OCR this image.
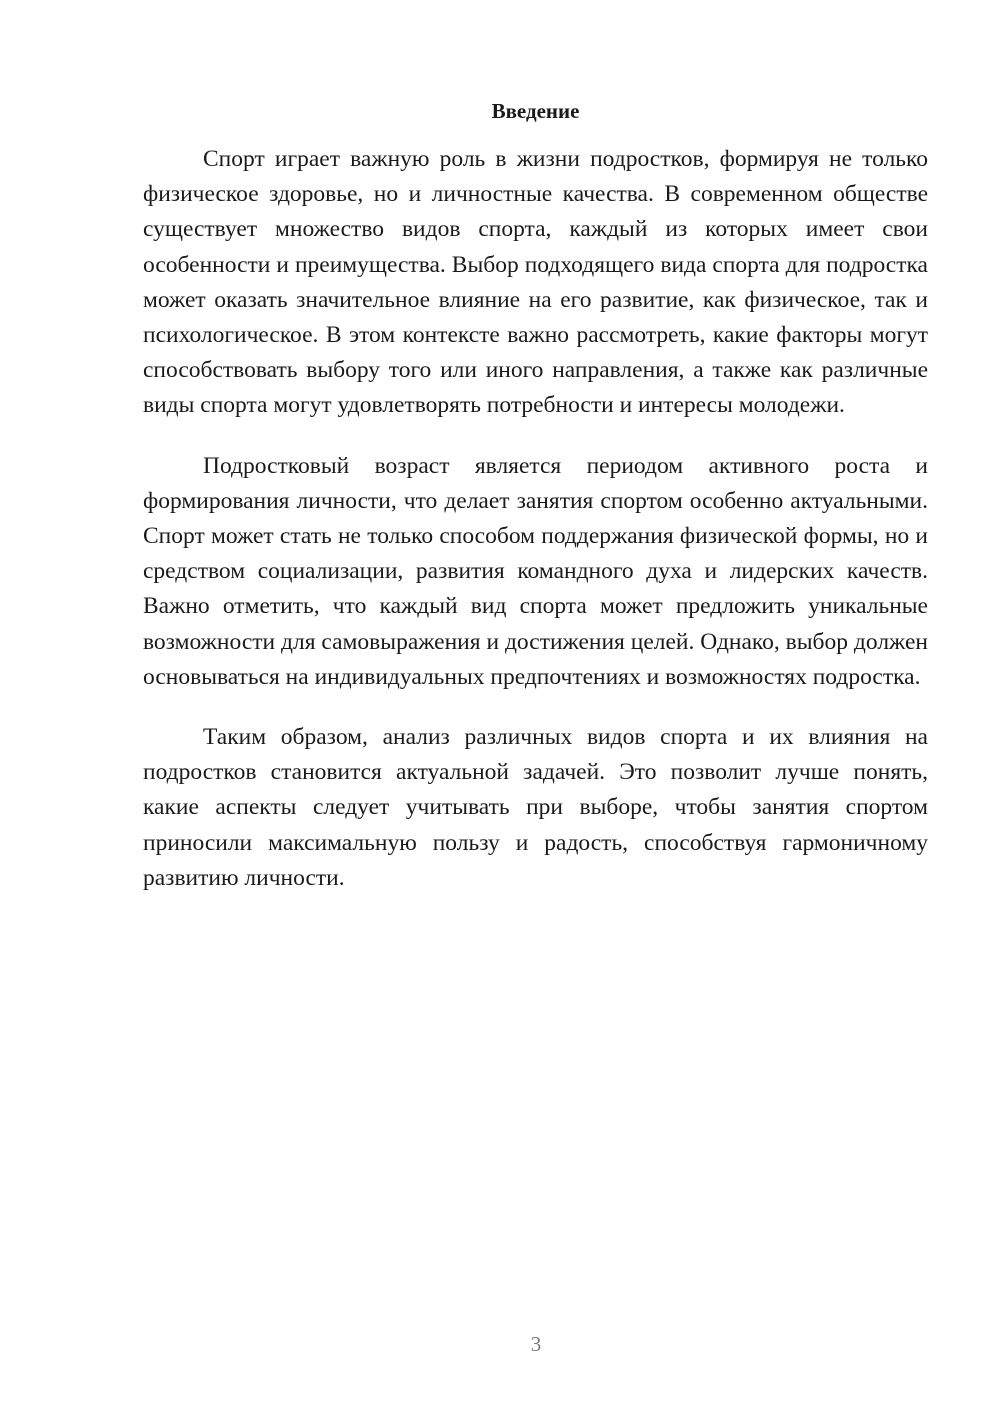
Введение

Спорт играет важную роль в жизни подростков, формируя не только физическое здоровье, но и личностные качества. В современном обществе существует множество видов спорта, каждый из которых имеет свои особенности и преимущества. Выбор подходящего вида спорта для подростка может оказать значительное влияние на его развитие, как физическое, так и психологическое. В этом контексте важно рассмотреть, какие факторы могут способствовать выбору того или иного направления, а также как различные виды спорта могут удовлетворять потребности и интересы молодежи.

Подростковый возраст является периодом активного роста и формирования личности, что делает занятия спортом особенно актуальными. Спорт может стать не только способом поддержания физической формы, но и средством социализации, развития командного духа и лидерских качеств. Важно отметить, что каждый вид спорта может предложить уникальные возможности для самовыражения и достижения целей. Однако, выбор должен основываться на индивидуальных предпочтениях и возможностях подростка.

Таким образом, анализ различных видов спорта и их влияния на подростков становится актуальной задачей. Это позволит лучше понять, какие аспекты следует учитывать при выборе, чтобы занятия спортом приносили максимальную пользу и радость, способствуя гармоничному развитию личности.

3
